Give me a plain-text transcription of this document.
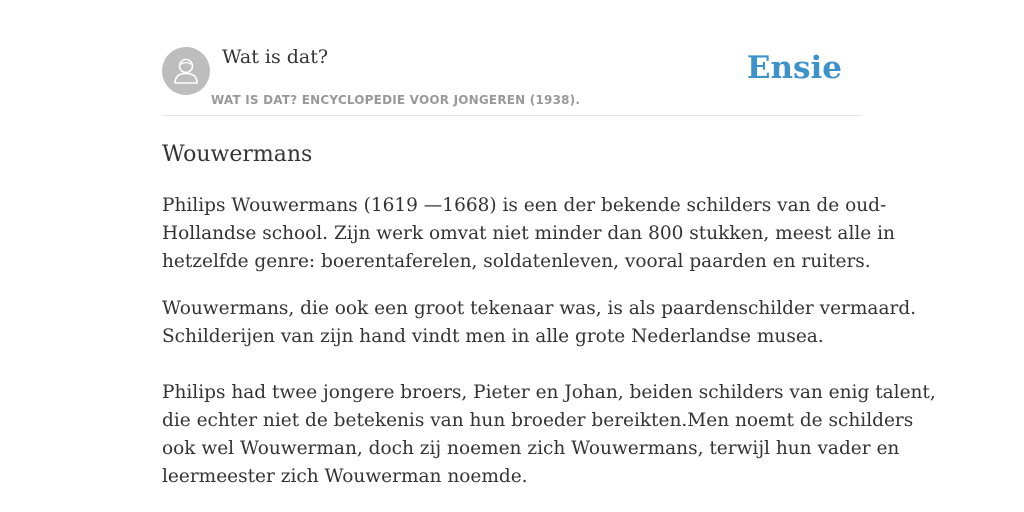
Wat is dat?
WAT IS DAT? ENCYCLOPEDIE VOOR JONGEREN (1938).
Ensie
Wouwermans
Philips Wouwermans (1619 —1668) is een der bekende schilders van de oud-
Hollandse school. Zijn werk omvat niet minder dan 800 stukken, meest alle in
hetzelfde genre: boerentaferelen, soldatenleven, vooral paarden en ruiters.
Wouwermans, die ook een groot tekenaar was, is als paardenschilder vermaard.
Schilderijen van zijn hand vindt men in alle grote Nederlandse musea.
Philips had twee jongere broers, Pieter en Johan, beiden schilders van enig talent,
die echter niet de betekenis van hun broeder bereikten.Men noemt de schilders
ook wel Wouwerman, doch zij noemen zich Wouwermans, terwijl hun vader en
leermeester zich Wouwerman noemde.
